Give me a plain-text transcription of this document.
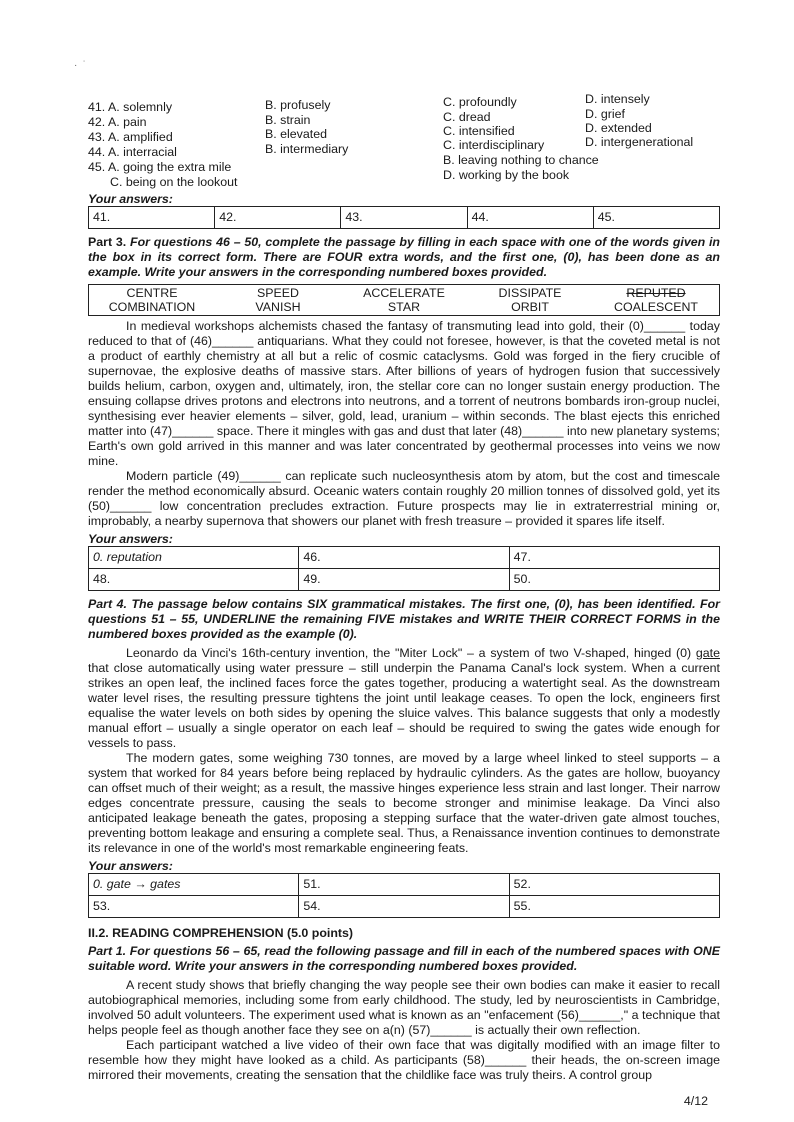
·  ˙
41. A. solemnly	B. profusely	C. profoundly	D. intensely
42. A. pain	B. strain	C. dread	D. grief
43. A. amplified	B. elevated	C. intensified	D. extended
44. A. interracial	B. intermediary	C. interdisciplinary	D. intergenerational
45. A. going the extra mile	B. leaving nothing to chance
C. being on the lookout	D. working by the book
Your answers:
41.	42.	43.	44.	45.
Part 3. For questions 46 – 50, complete the passage by filling in each space with one of the words given in the box in its correct form. There are FOUR extra words, and the first one, (0), has been done as an example. Write your answers in the corresponding numbered boxes provided.
CENTRE	SPEED	ACCELERATE	DISSIPATE	REPUTED
COMBINATION	VANISH	STAR	ORBIT	COALESCENT

In medieval workshops alchemists chased the fantasy of transmuting lead into gold, their (0)______ today reduced to that of (46)______ antiquarians. What they could not foresee, however, is that the coveted metal is not a product of earthly chemistry at all but a relic of cosmic cataclysms. Gold was forged in the fiery crucible of supernovae, the explosive deaths of massive stars. After billions of years of hydrogen fusion that successively builds helium, carbon, oxygen and, ultimately, iron, the stellar core can no longer sustain energy production. The ensuing collapse drives protons and electrons into neutrons, and a torrent of neutrons bombards iron-group nuclei, synthesising ever heavier elements – silver, gold, lead, uranium – within seconds. The blast ejects this enriched matter into (47)______ space. There it mingles with gas and dust that later (48)______ into new planetary systems; Earth's own gold arrived in this manner and was later concentrated by geothermal processes into veins we now mine.

Modern particle (49)______ can replicate such nucleosynthesis atom by atom, but the cost and timescale render the method economically absurd. Oceanic waters contain roughly 20 million tonnes of dissolved gold, yet its (50)______ low concentration precludes extraction. Future prospects may lie in extraterrestrial mining or, improbably, a nearby supernova that showers our planet with fresh treasure – provided it spares life itself.

Your answers:
0. reputation	46.	47.
48.	49.	50.
Part 4. The passage below contains SIX grammatical mistakes. The first one, (0), has been identified. For questions 51 – 55, UNDERLINE the remaining FIVE mistakes and WRITE THEIR CORRECT FORMS in the numbered boxes provided as the example (0).

Leonardo da Vinci's 16th-century invention, the "Miter Lock" – a system of two V-shaped, hinged (0) gate that close automatically using water pressure – still underpin the Panama Canal's lock system. When a current strikes an open leaf, the inclined faces force the gates together, producing a watertight seal. As the downstream water level rises, the resulting pressure tightens the joint until leakage ceases. To open the lock, engineers first equalise the water levels on both sides by opening the sluice valves. This balance suggests that only a modestly manual effort – usually a single operator on each leaf – should be required to swing the gates wide enough for vessels to pass.

The modern gates, some weighing 730 tonnes, are moved by a large wheel linked to steel supports – a system that worked for 84 years before being replaced by hydraulic cylinders. As the gates are hollow, buoyancy can offset much of their weight; as a result, the massive hinges experience less strain and last longer. Their narrow edges concentrate pressure, causing the seals to become stronger and minimise leakage. Da Vinci also anticipated leakage beneath the gates, proposing a stepping surface that the water-driven gate almost touches, preventing bottom leakage and ensuring a complete seal. Thus, a Renaissance invention continues to demonstrate its relevance in one of the world's most remarkable engineering feats.

Your answers:
0. gate → gates	51.	52.
53.	54.	55.
II.2. READING COMPREHENSION (5.0 points)
Part 1. For questions 56 – 65, read the following passage and fill in each of the numbered spaces with ONE suitable word. Write your answers in the corresponding numbered boxes provided.

A recent study shows that briefly changing the way people see their own bodies can make it easier to recall autobiographical memories, including some from early childhood. The study, led by neuroscientists in Cambridge, involved 50 adult volunteers. The experiment used what is known as an "enfacement (56)______," a technique that helps people feel as though another face they see on a(n) (57)______ is actually their own reflection.

Each participant watched a live video of their own face that was digitally modified with an image filter to resemble how they might have looked as a child. As participants (58)______ their heads, the on-screen image mirrored their movements, creating the sensation that the childlike face was truly theirs. A control group

4/12
